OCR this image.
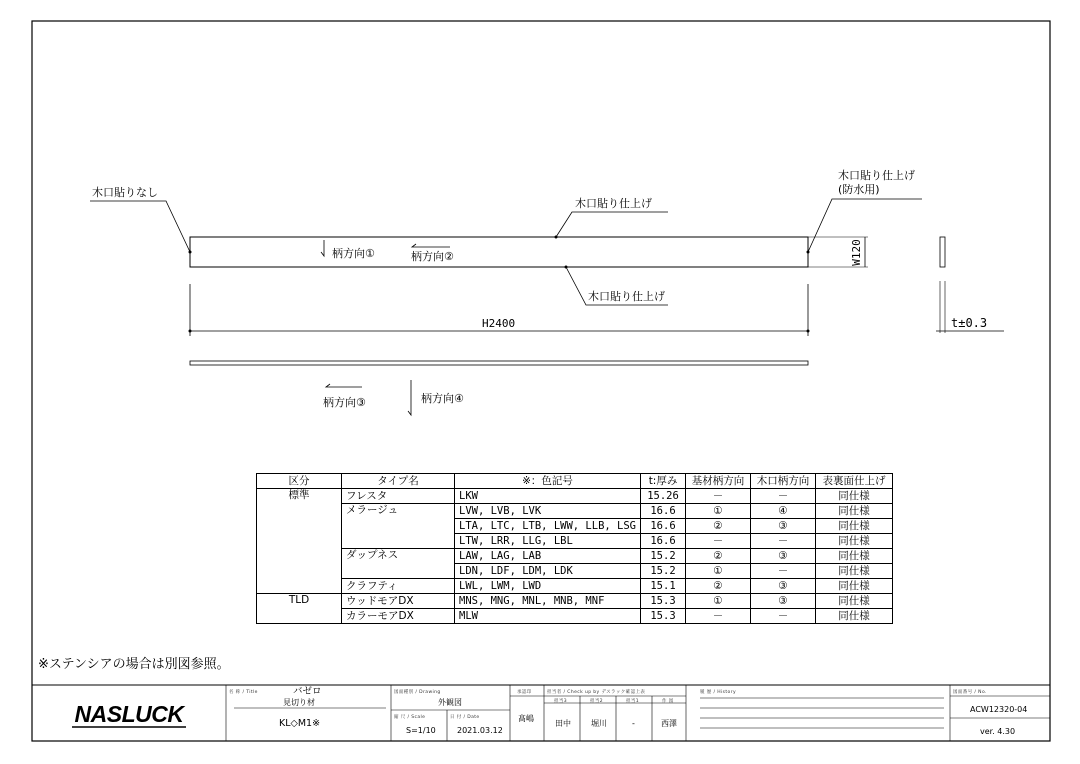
NASLUCK
木口貼りなし
木口貼り仕上げ
木口貼り仕上げ
木口貼り仕上げ
(防水用)
柄方向①	柄方向②
柄方向③	柄方向④
H2400
W120
t±0.3
区分	タイプ名	※：色記号	t:厚み	基材柄方向	木口柄方向	表裏面仕上げ
標準	フレスタ	LKW	15.26	－	－	同仕様
	メラージュ	LVW, LVB, LVK	16.6	①	④	同仕様
		LTA, LTC, LTB, LWW, LLB, LSG	16.6	②	③	同仕様
		LTW, LRR, LLG, LBL	16.6	－	－	同仕様
	ダップネス	LAW, LAG, LAB	15.2	②	③	同仕様
		LDN, LDF, LDM, LDK	15.2	①	－	同仕様
	クラフティ	LWL, LWM, LWD	15.1	②	③	同仕様
TLD	ウッドモアDX	MNS, MNG, MNL, MNB, MNF	15.3	①	③	同仕様
	カラーモアDX	MLW	15.3	－	－	同仕様
※ステンシアの場合は別図参照。
名 称 / Title	バゼロ
見切り材
KL◇M1※
図面種別 / Drawing
外観図
縮 尺 / Scale
S=1/10
日 付 / Date
2021.03.12
承認印
髙嶋
担当者 / Check up by デスラック確認上表
担当3	担当2	担当1	作 図
田中	堀川	-	西澤
履 歴 / History	図面番号 / No.
ACW12320-04
ver. 4.30
